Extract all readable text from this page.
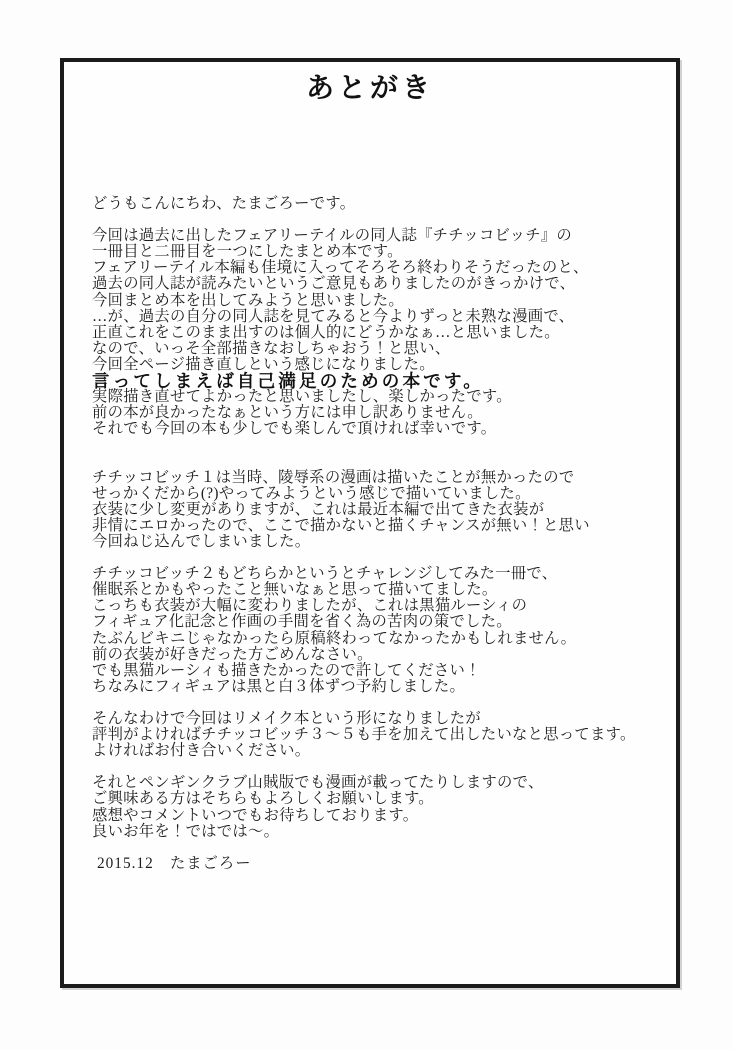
あとがき
どうもこんにちわ、たまごろーです。

今回は過去に出したフェアリーテイルの同人誌『チチッコビッチ』の
一冊目と二冊目を一つにしたまとめ本です。
フェアリーテイル本編も佳境に入ってそろそろ終わりそうだったのと、
過去の同人誌が読みたいというご意見もありましたのがきっかけで、
今回まとめ本を出してみようと思いました。
…が、過去の自分の同人誌を見てみると今よりずっと未熟な漫画で、
正直これをこのまま出すのは個人的にどうかなぁ…と思いました。
なので、いっそ全部描きなおしちゃおう！と思い、
今回全ページ描き直しという感じになりました。
言ってしまえば自己満足のための本です。
実際描き直せてよかったと思いましたし、楽しかったです。
前の本が良かったなぁという方には申し訳ありません。
それでも今回の本も少しでも楽しんで頂ければ幸いです。

チチッコビッチ１は当時、陵辱系の漫画は描いたことが無かったので
せっかくだから(?)やってみようという感じで描いていました。
衣装に少し変更がありますが、これは最近本編で出てきた衣装が
非情にエロかったので、ここで描かないと描くチャンスが無い！と思い
今回ねじ込んでしまいました。

チチッコビッチ２もどちらかというとチャレンジしてみた一冊で、
催眠系とかもやったこと無いなぁと思って描いてました。
こっちも衣装が大幅に変わりましたが、これは黒猫ルーシィの
フィギュア化記念と作画の手間を省く為の苦肉の策でした。
たぶんビキニじゃなかったら原稿終わってなかったかもしれません。
前の衣装が好きだった方ごめんなさい。
でも黒猫ルーシィも描きたかったので許してください！
ちなみにフィギュアは黒と白３体ずつ予約しました。

そんなわけで今回はリメイク本という形になりましたが
評判がよければチチッコビッチ３～５も手を加えて出したいなと思ってます。
よければお付き合いください。

それとペンギンクラブ山賊版でも漫画が載ってたりしますので、
ご興味ある方はそちらもよろしくお願いします。
感想やコメントいつでもお待ちしております。
良いお年を！ではでは～。

2015.12　たまごろー
